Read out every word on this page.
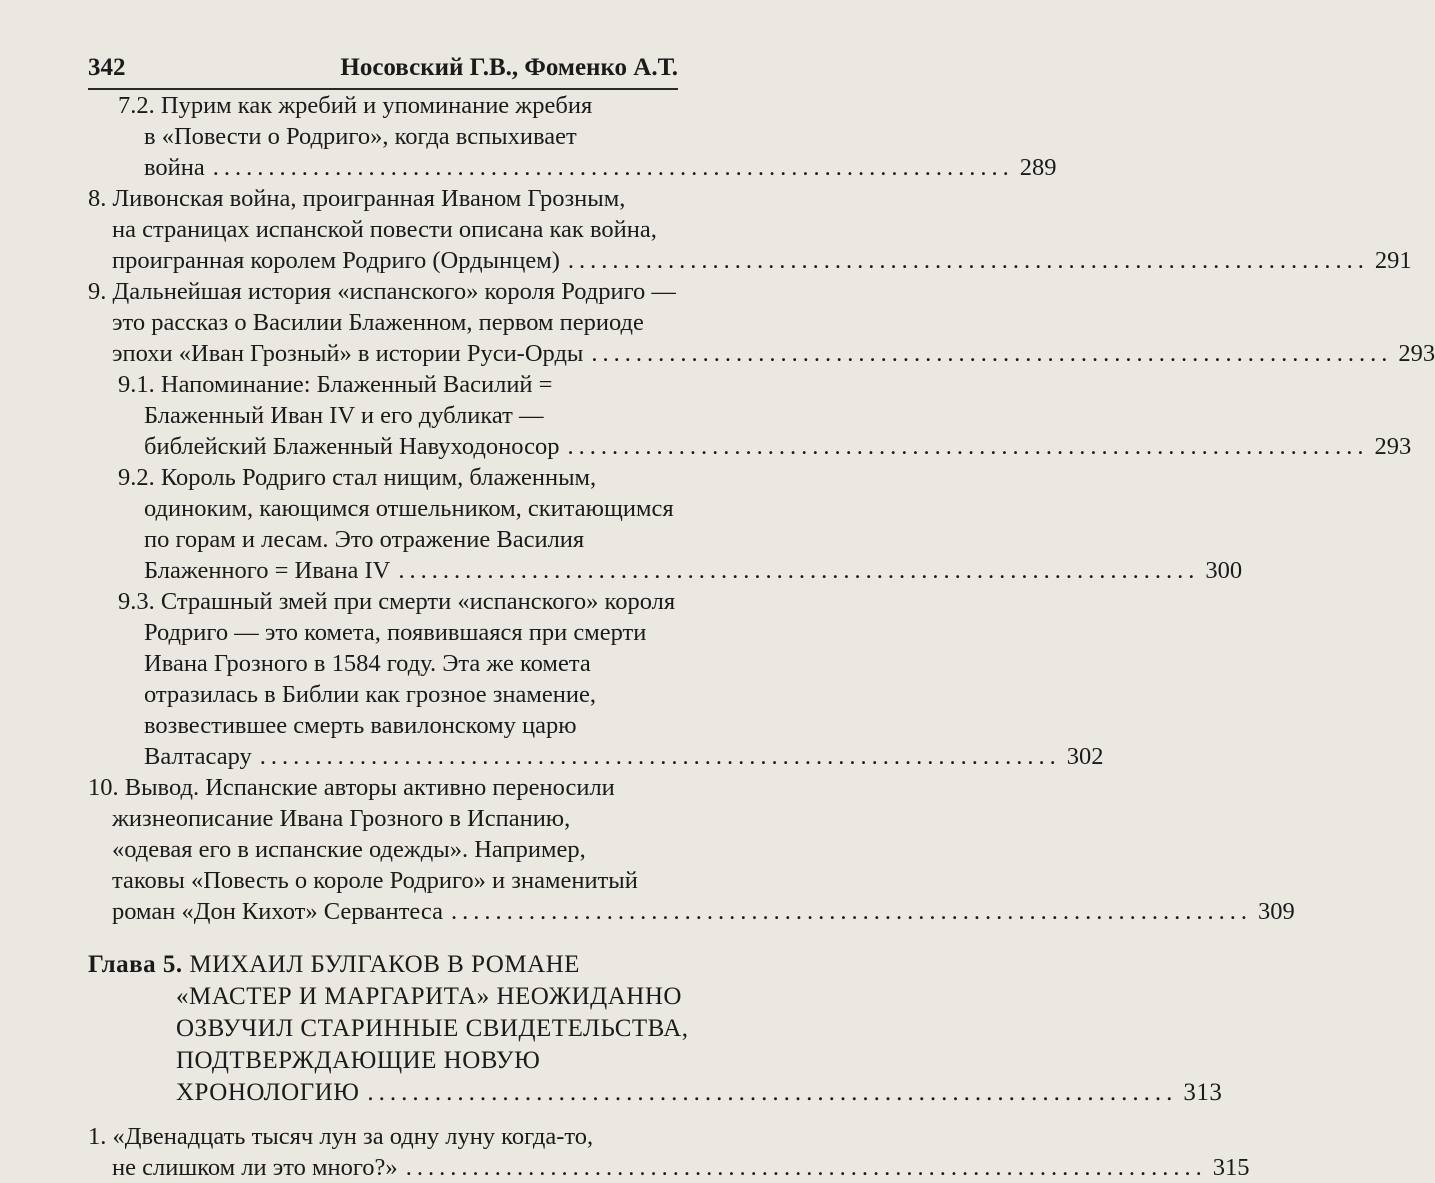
342	Носовский Г.В., Фоменко А.Т.
7.2. Пурим как жребий и упоминание жребия
в «Повести о Родриго», когда вспыхивает
война ........................................................................ 289
8. Ливонская война, проигранная Иваном Грозным,
на страницах испанской повести описана как война,
проигранная королем Родриго (Ордынцем) ........................................................................ 291
9. Дальнейшая история «испанского» короля Родриго —
это рассказ о Василии Блаженном, первом периоде
эпохи «Иван Грозный» в истории Руси-Орды ........................................................................ 293
9.1. Напоминание: Блаженный Василий =
Блаженный Иван IV и его дубликат —
библейский Блаженный Навуходоносор ........................................................................ 293
9.2. Король Родриго стал нищим, блаженным,
одиноким, кающимся отшельником, скитающимся
по горам и лесам. Это отражение Василия
Блаженного = Ивана IV ........................................................................ 300
9.3. Страшный змей при смерти «испанского» короля
Родриго — это комета, появившаяся при смерти
Ивана Грозного в 1584 году. Эта же комета
отразилась в Библии как грозное знамение,
возвестившее смерть вавилонскому царю
Валтасару ........................................................................ 302
10. Вывод. Испанские авторы активно переносили
жизнеописание Ивана Грозного в Испанию,
«одевая его в испанские одежды». Например,
таковы «Повесть о короле Родриго» и знаменитый
роман «Дон Кихот» Сервантеса ........................................................................ 309
Глава 5. МИХАИЛ БУЛГАКОВ В РОМАНЕ
«МАСТЕР И МАРГАРИТА» НЕОЖИДАННО
ОЗВУЧИЛ СТАРИННЫЕ СВИДЕТЕЛЬСТВА,
ПОДТВЕРЖДАЮЩИЕ НОВУЮ
ХРОНОЛОГИЮ ........................................................................ 313
1. «Двенадцать тысяч лун за одну луну когда-то,
не слишком ли это много?» ........................................................................ 315
